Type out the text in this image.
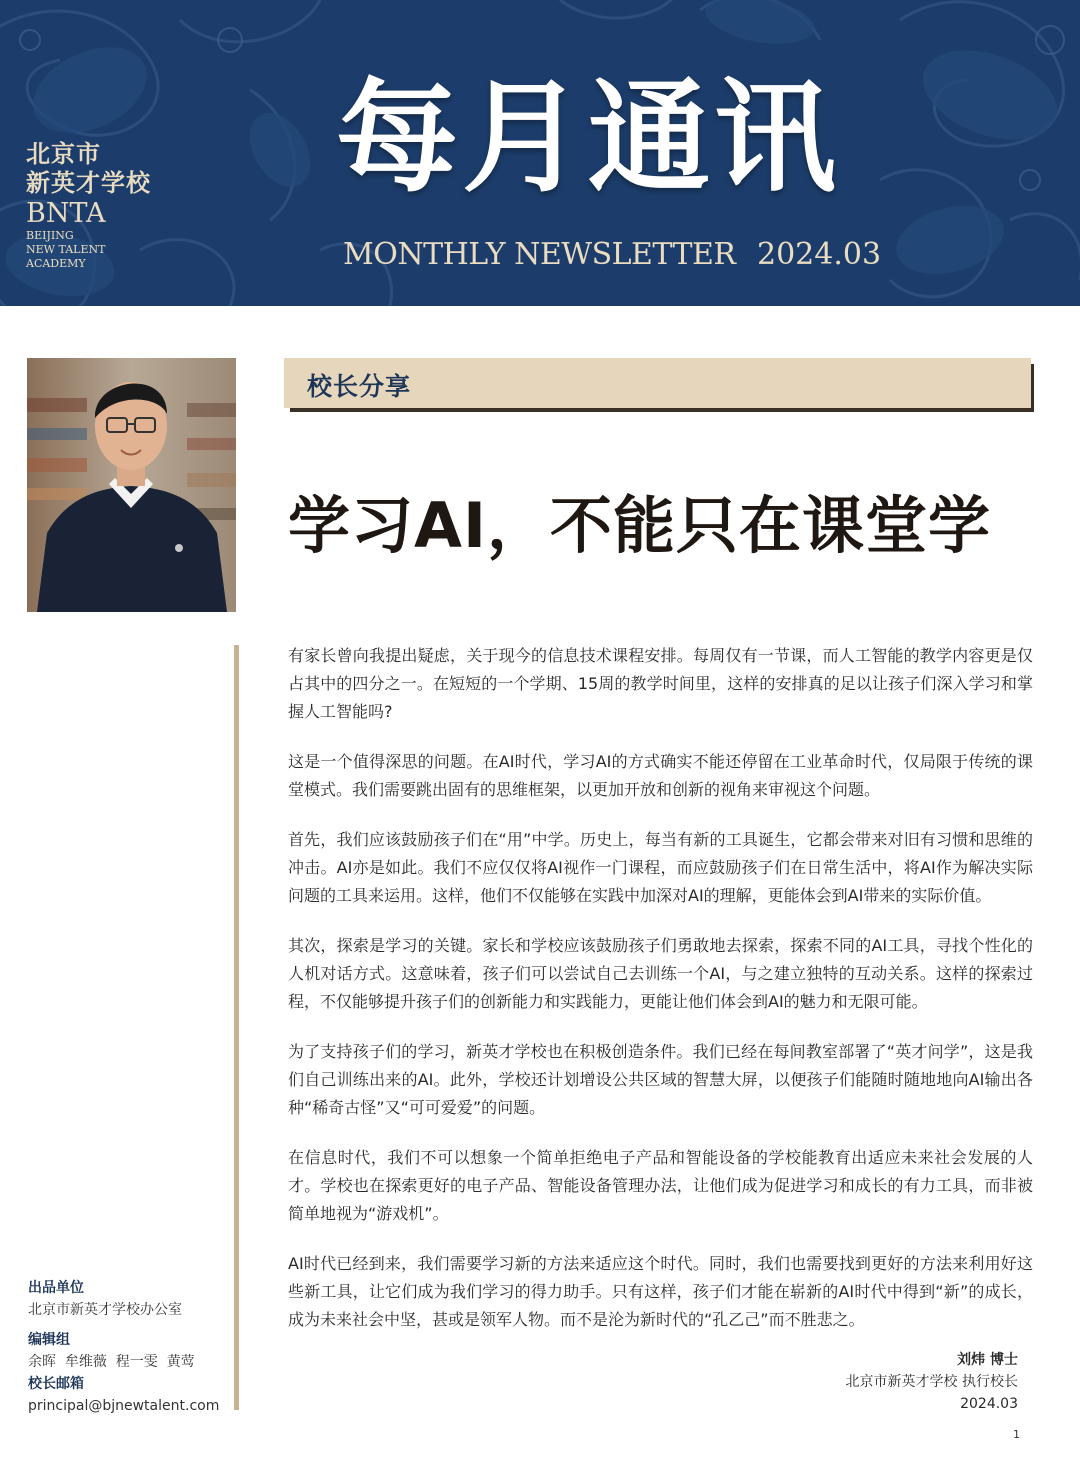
北京市
新英才学校
BNTA
BEIJING
NEW TALENT
ACADEMY
每月通讯
MONTHLY NEWSLETTER 2024.03
校长分享
学习AI，不能只在课堂学

有家长曾向我提出疑虑，关于现今的信息技术课程安排。每周仅有一节课，而人工智能的教学内容更是仅占其中的四分之一。在短短的一个学期、15周的教学时间里，这样的安排真的足以让孩子们深入学习和掌握人工智能吗?

这是一个值得深思的问题。在AI时代，学习AI的方式确实不能还停留在工业革命时代，仅局限于传统的课堂模式。我们需要跳出固有的思维框架，以更加开放和创新的视角来审视这个问题。

首先，我们应该鼓励孩子们在“用”中学。历史上，每当有新的工具诞生，它都会带来对旧有习惯和思维的冲击。AI亦是如此。我们不应仅仅将AI视作一门课程，而应鼓励孩子们在日常生活中，将AI作为解决实际问题的工具来运用。这样，他们不仅能够在实践中加深对AI的理解，更能体会到AI带来的实际价值。

其次，探索是学习的关键。家长和学校应该鼓励孩子们勇敢地去探索，探索不同的AI工具，寻找个性化的人机对话方式。这意味着，孩子们可以尝试自己去训练一个AI，与之建立独特的互动关系。这样的探索过程，不仅能够提升孩子们的创新能力和实践能力，更能让他们体会到AI的魅力和无限可能。

为了支持孩子们的学习，新英才学校也在积极创造条件。我们已经在每间教室部署了“英才问学”，这是我们自己训练出来的AI。此外，学校还计划增设公共区域的智慧大屏，以便孩子们能随时随地地向AI输出各种“稀奇古怪”又“可可爱爱”的问题。

在信息时代，我们不可以想象一个简单拒绝电子产品和智能设备的学校能教育出适应未来社会发展的人才。学校也在探索更好的电子产品、智能设备管理办法，让他们成为促进学习和成长的有力工具，而非被简单地视为“游戏机”。

AI时代已经到来，我们需要学习新的方法来适应这个时代。同时，我们也需要找到更好的方法来利用好这些新工具，让它们成为我们学习的得力助手。只有这样，孩子们才能在崭新的AI时代中得到“新”的成长，成为未来社会中坚，甚或是领军人物。而不是沦为新时代的“孔乙己”而不胜悲之。

刘炜 博士
北京市新英才学校 执行校长
2024.03
出品单位
北京市新英才学校办公室
编辑组
余晖  牟维薇  程一雯  黄莺
校长邮箱
principal@bjnewtalent.com
1
